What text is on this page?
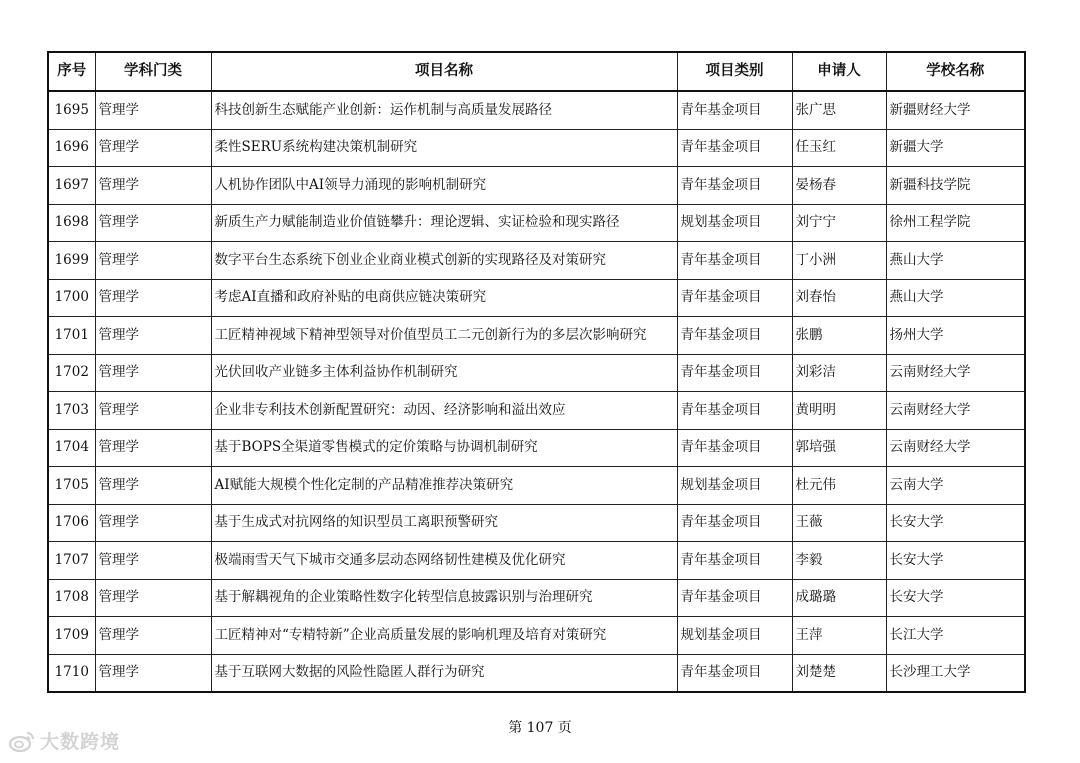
序号	学科门类	项目名称	项目类别	申请人	学校名称
1695	管理学	科技创新生态赋能产业创新：运作机制与高质量发展路径	青年基金项目	张广思	新疆财经大学
1696	管理学	柔性SERU系统构建决策机制研究	青年基金项目	任玉红	新疆大学
1697	管理学	人机协作团队中AI领导力涌现的影响机制研究	青年基金项目	晏杨春	新疆科技学院
1698	管理学	新质生产力赋能制造业价值链攀升：理论逻辑、实证检验和现实路径	规划基金项目	刘宁宁	徐州工程学院
1699	管理学	数字平台生态系统下创业企业商业模式创新的实现路径及对策研究	青年基金项目	丁小洲	燕山大学
1700	管理学	考虑AI直播和政府补贴的电商供应链决策研究	青年基金项目	刘春怡	燕山大学
1701	管理学	工匠精神视域下精神型领导对价值型员工二元创新行为的多层次影响研究	青年基金项目	张鹏	扬州大学
1702	管理学	光伏回收产业链多主体利益协作机制研究	青年基金项目	刘彩洁	云南财经大学
1703	管理学	企业非专利技术创新配置研究：动因、经济影响和溢出效应	青年基金项目	黄明明	云南财经大学
1704	管理学	基于BOPS全渠道零售模式的定价策略与协调机制研究	青年基金项目	郭培强	云南财经大学
1705	管理学	AI赋能大规模个性化定制的产品精准推荐决策研究	规划基金项目	杜元伟	云南大学
1706	管理学	基于生成式对抗网络的知识型员工离职预警研究	青年基金项目	王薇	长安大学
1707	管理学	极端雨雪天气下城市交通多层动态网络韧性建模及优化研究	青年基金项目	李毅	长安大学
1708	管理学	基于解耦视角的企业策略性数字化转型信息披露识别与治理研究	青年基金项目	成璐璐	长安大学
1709	管理学	工匠精神对“专精特新”企业高质量发展的影响机理及培育对策研究	规划基金项目	王萍	长江大学
1710	管理学	基于互联网大数据的风险性隐匿人群行为研究	青年基金项目	刘楚楚	长沙理工大学
第 107 页
大数跨境
